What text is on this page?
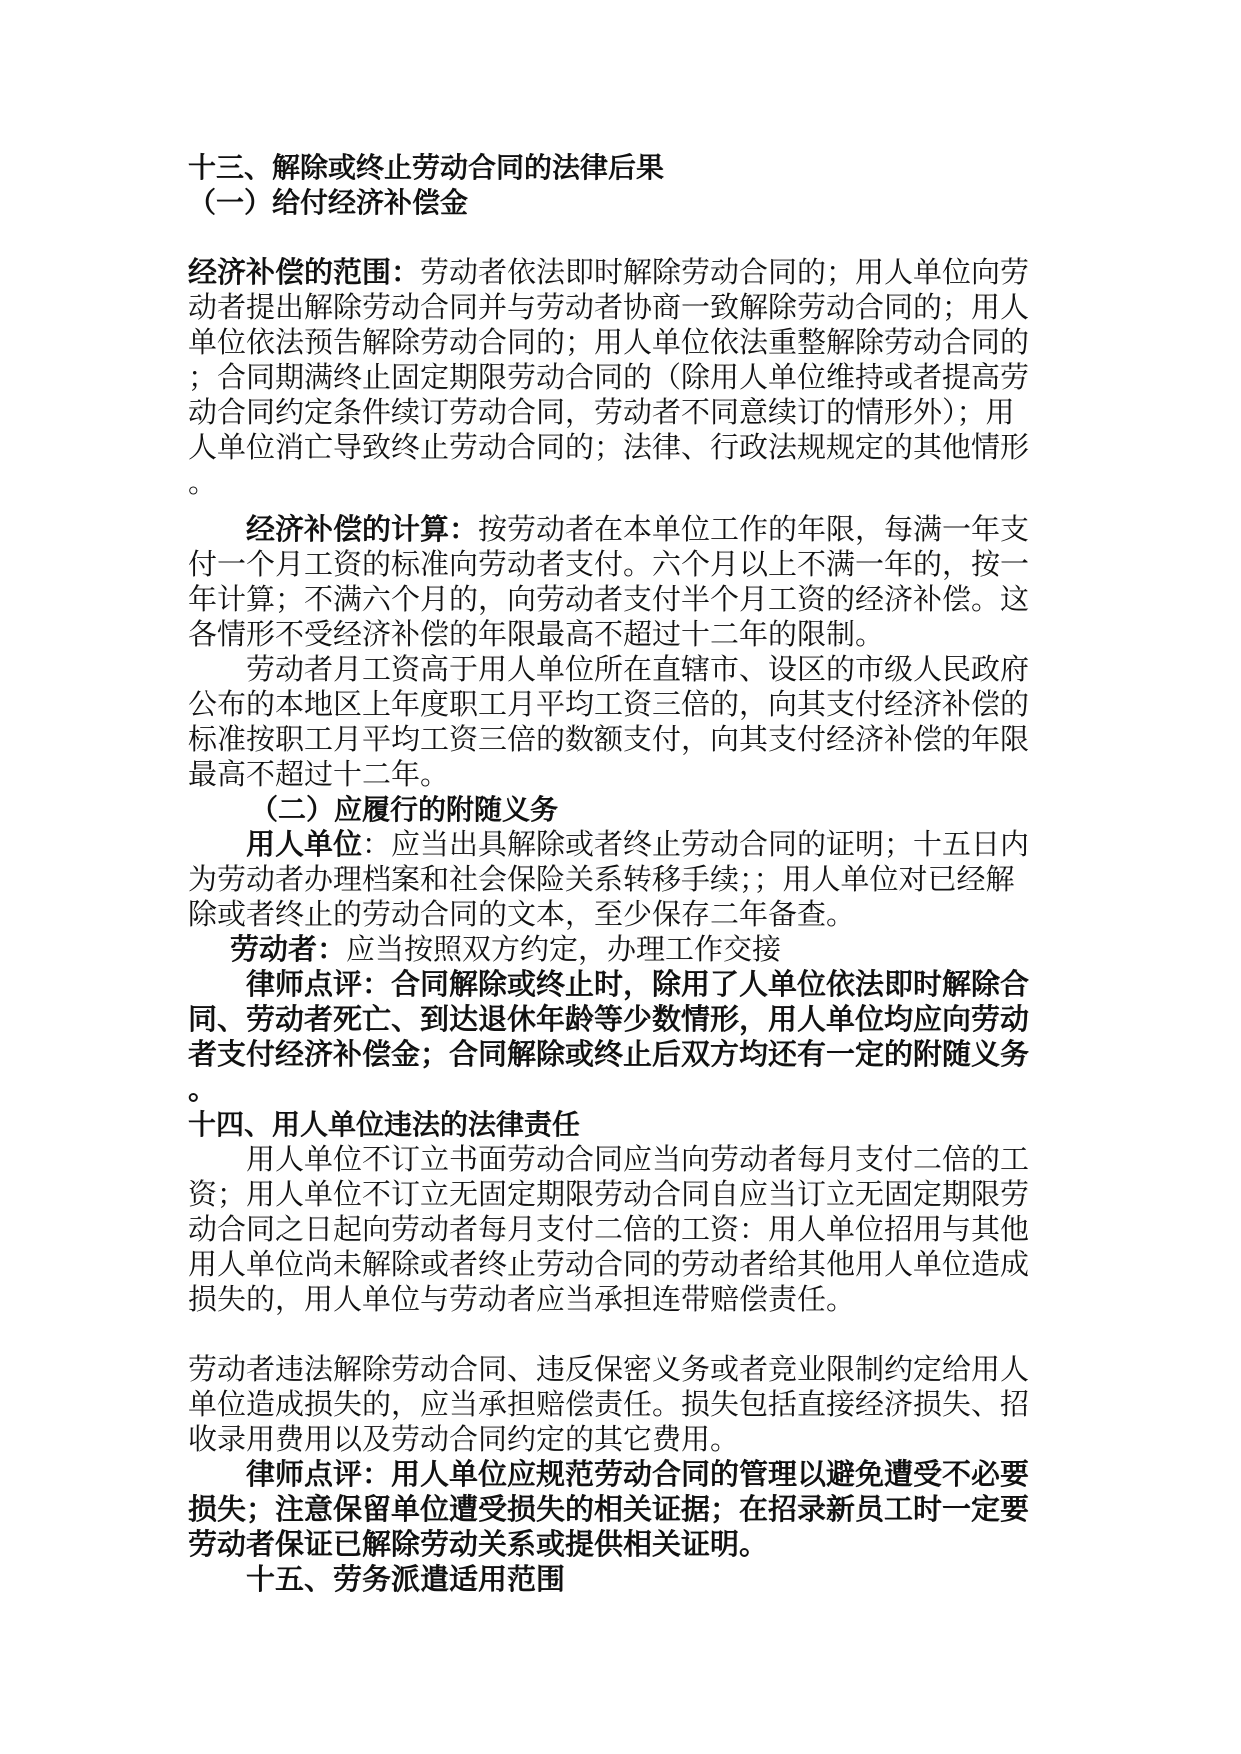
十三、解除或终止劳动合同的法律后果
（一）给付经济补偿金
经济补偿的范围：劳动者依法即时解除劳动合同的；用人单位向劳
动者提出解除劳动合同并与劳动者协商一致解除劳动合同的；用人
单位依法预告解除劳动合同的；用人单位依法重整解除劳动合同的
；合同期满终止固定期限劳动合同的（除用人单位维持或者提高劳
动合同约定条件续订劳动合同，劳动者不同意续订的情形外）；用
人单位消亡导致终止劳动合同的；法律、行政法规规定的其他情形
。
经济补偿的计算：按劳动者在本单位工作的年限，每满一年支
付一个月工资的标准向劳动者支付。六个月以上不满一年的，按一
年计算；不满六个月的，向劳动者支付半个月工资的经济补偿。这
各情形不受经济补偿的年限最高不超过十二年的限制。
劳动者月工资高于用人单位所在直辖市、设区的市级人民政府
公布的本地区上年度职工月平均工资三倍的，向其支付经济补偿的
标准按职工月平均工资三倍的数额支付，向其支付经济补偿的年限
最高不超过十二年。
（二）应履行的附随义务
用人单位：应当出具解除或者终止劳动合同的证明；十五日内
为劳动者办理档案和社会保险关系转移手续；；用人单位对已经解
除或者终止的劳动合同的文本，至少保存二年备查。
劳动者：应当按照双方约定，办理工作交接
律师点评：合同解除或终止时，除用了人单位依法即时解除合
同、劳动者死亡、到达退休年龄等少数情形，用人单位均应向劳动
者支付经济补偿金；合同解除或终止后双方均还有一定的附随义务
。
十四、用人单位违法的法律责任
用人单位不订立书面劳动合同应当向劳动者每月支付二倍的工
资；用人单位不订立无固定期限劳动合同自应当订立无固定期限劳
动合同之日起向劳动者每月支付二倍的工资：用人单位招用与其他
用人单位尚未解除或者终止劳动合同的劳动者给其他用人单位造成
损失的，用人单位与劳动者应当承担连带赔偿责任。
劳动者违法解除劳动合同、违反保密义务或者竞业限制约定给用人
单位造成损失的，应当承担赔偿责任。损失包括直接经济损失、招
收录用费用以及劳动合同约定的其它费用。
律师点评：用人单位应规范劳动合同的管理以避免遭受不必要
损失；注意保留单位遭受损失的相关证据；在招录新员工时一定要
劳动者保证已解除劳动关系或提供相关证明。
十五、劳务派遣适用范围
